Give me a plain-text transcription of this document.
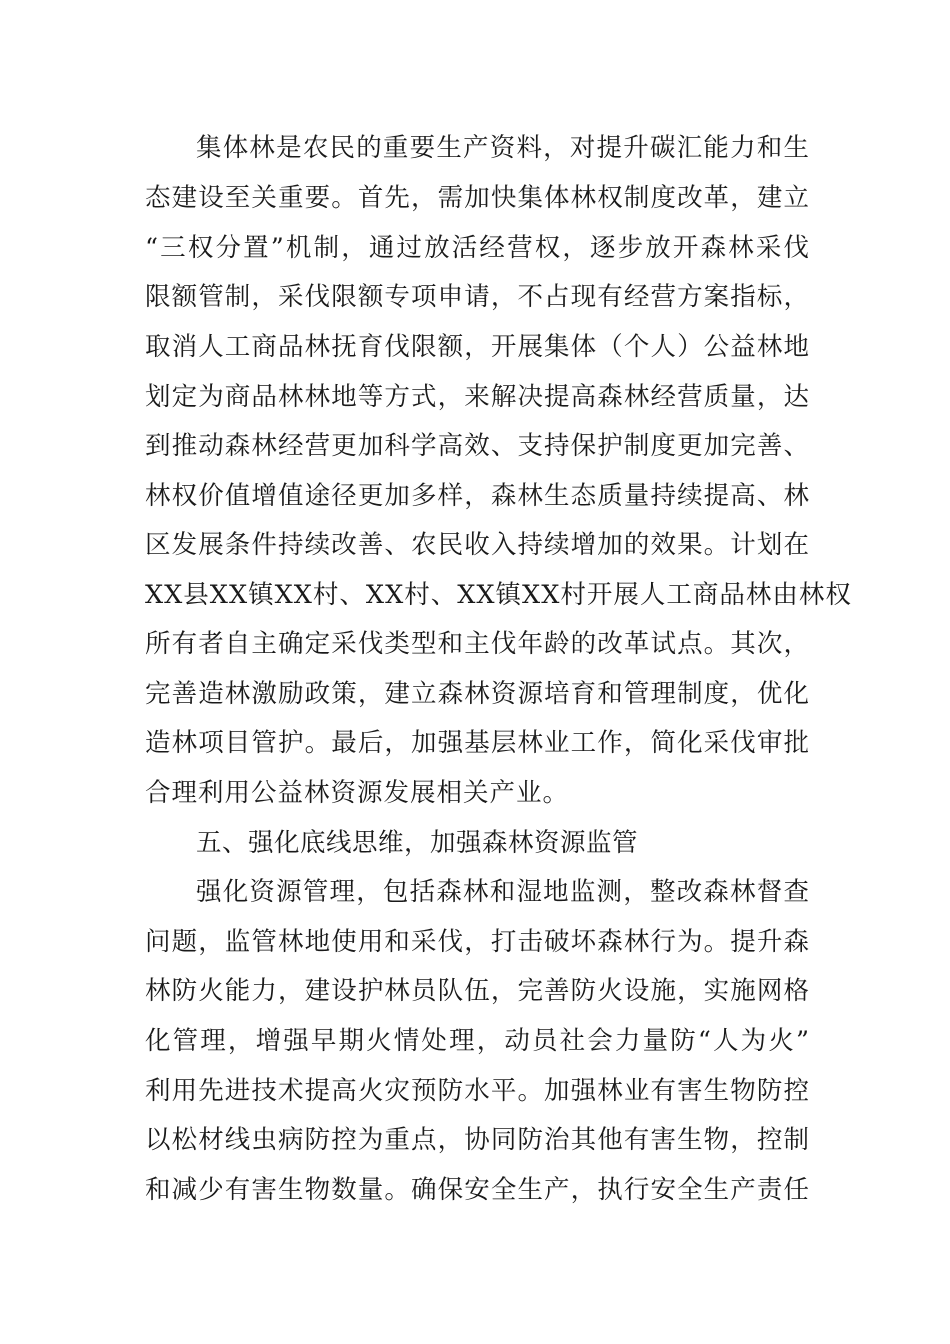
集体林是农民的重要生产资料，对提升碳汇能力和生
态建设至关重要。首先，需加快集体林权制度改革，建立
“三权分置”机制，通过放活经营权，逐步放开森林采伐
限额管制，采伐限额专项申请，不占现有经营方案指标，
取消人工商品林抚育伐限额，开展集体（个人）公益林地
划定为商品林林地等方式，来解决提高森林经营质量，达
到推动森林经营更加科学高效、支持保护制度更加完善、
林权价值增值途径更加多样，森林生态质量持续提高、林
区发展条件持续改善、农民收入持续增加的效果。计划在
XX县XX镇XX村、XX村、XX镇XX村开展人工商品林由林权
所有者自主确定采伐类型和主伐年龄的改革试点。其次，
完善造林激励政策，建立森林资源培育和管理制度，优化
造林项目管护。最后，加强基层林业工作，简化采伐审批
合理利用公益林资源发展相关产业。
五、强化底线思维，加强森林资源监管
强化资源管理，包括森林和湿地监测，整改森林督查
问题，监管林地使用和采伐，打击破坏森林行为。提升森
林防火能力，建设护林员队伍，完善防火设施，实施网格
化管理，增强早期火情处理，动员社会力量防“人为火”
利用先进技术提高火灾预防水平。加强林业有害生物防控
以松材线虫病防控为重点，协同防治其他有害生物，控制
和减少有害生物数量。确保安全生产，执行安全生产责任
